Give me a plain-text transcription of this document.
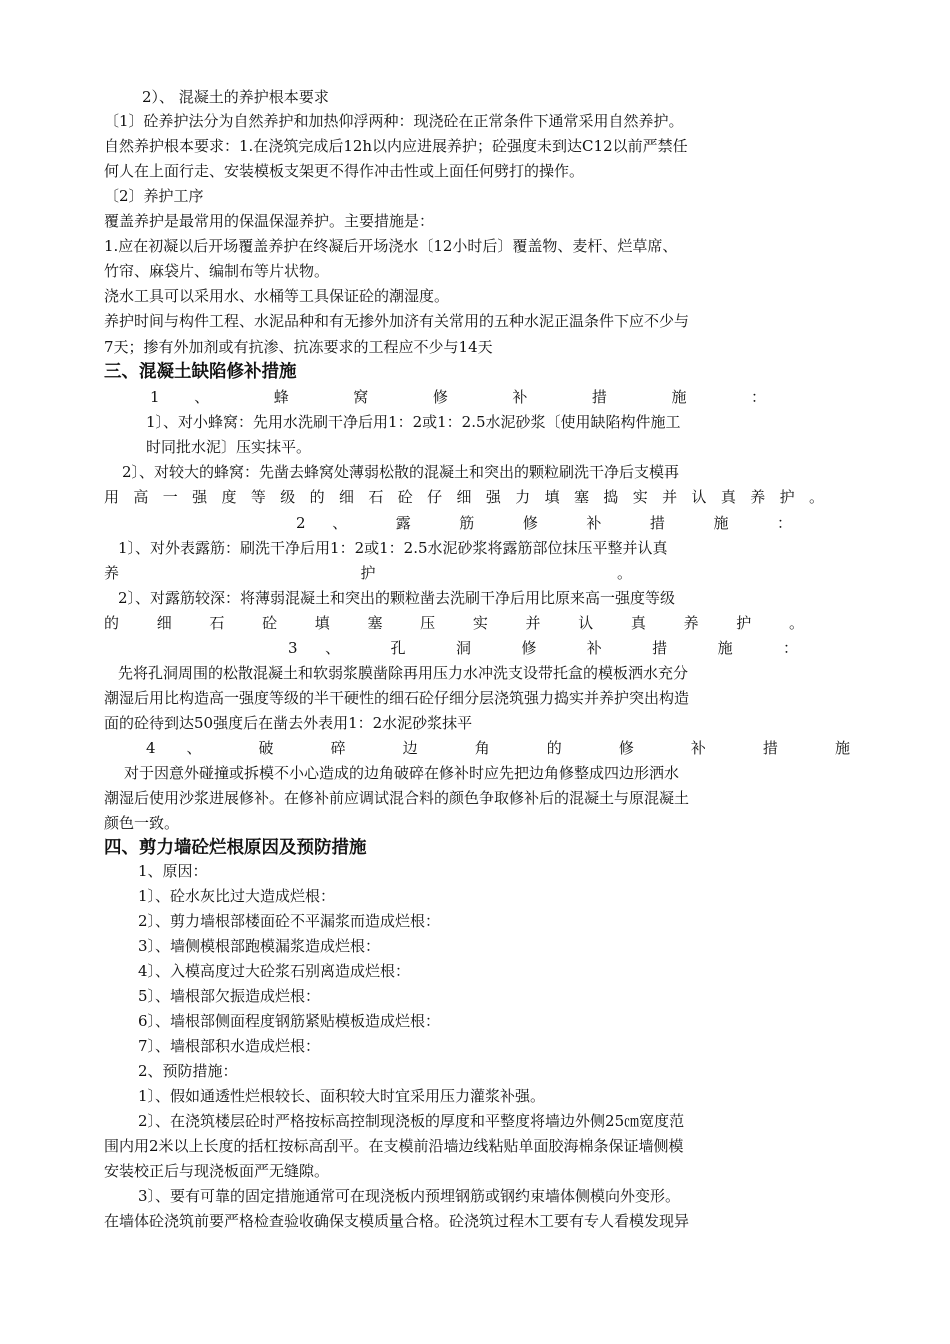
2）、 混凝土的养护根本要求
〔1〕砼养护法分为自然养护和加热仰浮两种：现浇砼在正常条件下通常采用自然养护。
自然养护根本要求：1.在浇筑完成后12h以内应进展养护；砼强度未到达C12以前严禁任
何人在上面行走、安装模板支架更不得作冲击性或上面任何劈打的操作。
〔2〕养护工序
覆盖养护是最常用的保温保湿养护。主要措施是：
1.应在初凝以后开场覆盖养护在终凝后开场浇水〔12小时后〕覆盖物、麦杆、烂草席、
竹帘、麻袋片、编制布等片状物。
浇水工具可以采用水、水桶等工具保证砼的潮湿度。
养护时间与构件工程、水泥品种和有无掺外加济有关常用的五种水泥正温条件下应不少与
7天；掺有外加剂或有抗渗、抗冻要求的工程应不少与14天
三、混凝土缺陷修补措施
1 、 蜂 窝 修 补 措 施 ：
1〕、对小蜂窝：先用水洗刷干净后用1：2或1：2.5水泥砂浆〔使用缺陷构件施工
时同批水泥〕压实抹平。
2〕、对较大的蜂窝：先凿去蜂窝处薄弱松散的混凝土和突出的颗粒刷洗干净后支模再
用 高 一 强 度 等 级 的 细 石 砼 仔 细 强 力 填 塞 捣 实 并 认 真 养 护 。
2 、 露 筋 修 补 措 施 ：
1〕、对外表露筋：刷洗干净后用1：2或1：2.5水泥砂浆将露筋部位抹压平整并认真
养 护 。
2〕、对露筋较深：将薄弱混凝土和突出的颗粒凿去洗刷干净后用比原来高一强度等级
的 细 石 砼 填 塞 压 实 并 认 真 养 护 。
3 、 孔 洞 修 补 措 施 ：
先将孔洞周围的松散混凝土和软弱浆膜凿除再用压力水冲洗支设带托盒的模板洒水充分
潮湿后用比构造高一强度等级的半干硬性的细石砼仔细分层浇筑强力捣实并养护突出构造
面的砼待到达50强度后在凿去外表用1：2水泥砂浆抹平
4 、 破 碎 边 角 的 修 补 措 施
对于因意外碰撞或拆模不小心造成的边角破碎在修补时应先把边角修整成四边形洒水
潮湿后使用沙浆进展修补。在修补前应调试混合料的颜色争取修补后的混凝土与原混凝土
颜色一致。
四、剪力墙砼烂根原因及预防措施
1、原因：
1〕、砼水灰比过大造成烂根：
2〕、剪力墙根部楼面砼不平漏浆而造成烂根：
3〕、墙侧模根部跑模漏浆造成烂根：
4〕、入模高度过大砼浆石别离造成烂根：
5〕、墙根部欠振造成烂根：
6〕、墙根部侧面程度钢筋紧贴模板造成烂根：
7〕、墙根部积水造成烂根：
2、预防措施：
1〕、假如通透性烂根较长、面积较大时宜采用压力灌浆补强。
2〕、在浇筑楼层砼时严格按标高控制现浇板的厚度和平整度将墙边外侧25㎝宽度范
围内用2米以上长度的括杠按标高刮平。在支模前沿墙边线粘贴单面胶海棉条保证墙侧模
安装校正后与现浇板面严无缝隙。
3〕、要有可靠的固定措施通常可在现浇板内预埋钢筋或钢约束墙体侧模向外变形。
在墙体砼浇筑前要严格检查验收确保支模质量合格。砼浇筑过程木工要有专人看模发现异
